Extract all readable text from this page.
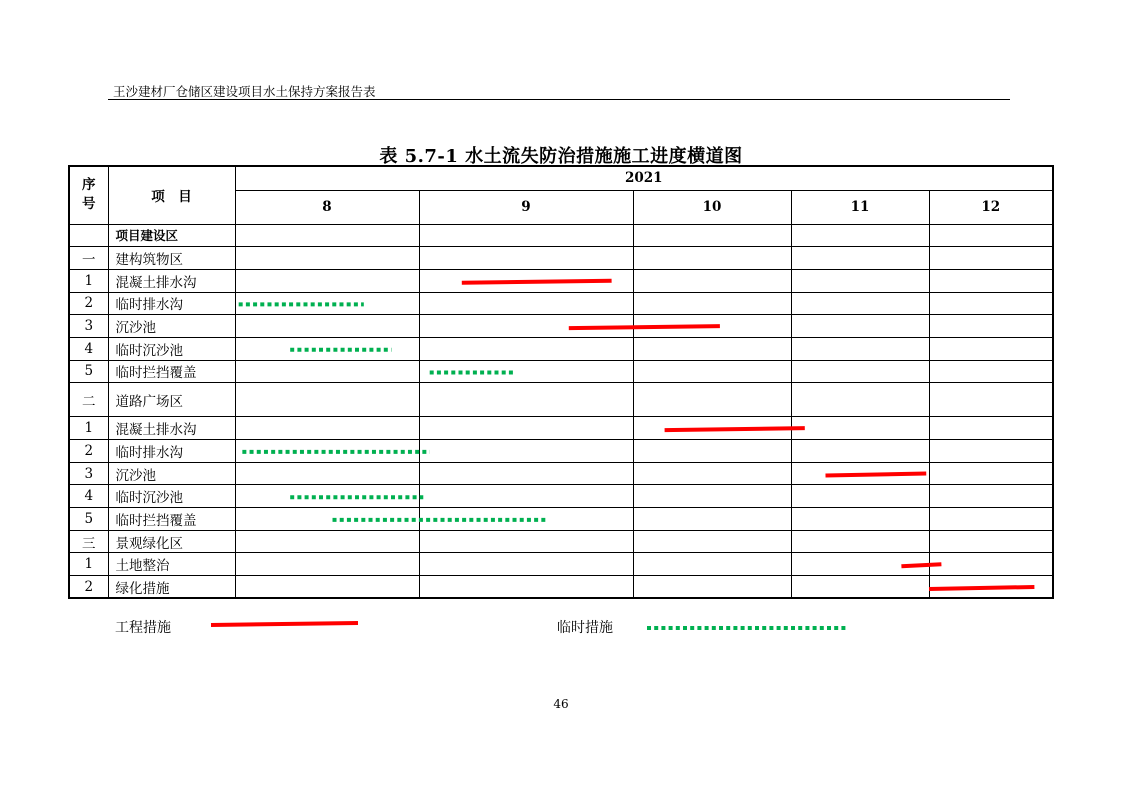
王沙建材厂仓储区建设项目水土保持方案报告表
表 5.7-1 水土流失防治措施施工进度横道图
序
号	项　目	2021				
		8	9	10	11	12
	项目建设区					
一	建构筑物区					
1	混凝土排水沟					
2	临时排水沟					
3	沉沙池					
4	临时沉沙池					
5	临时拦挡覆盖					
二	道路广场区					
1	混凝土排水沟					
2	临时排水沟					
3	沉沙池					
4	临时沉沙池					
5	临时拦挡覆盖					
三	景观绿化区					
1	土地整治					
2	绿化措施					
工程措施	临时措施
46
